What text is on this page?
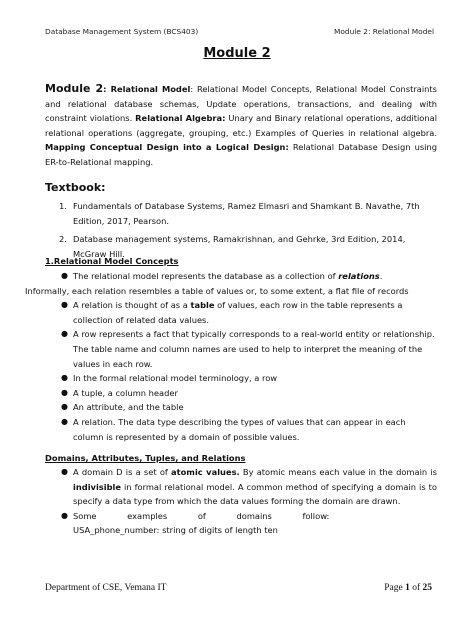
Database Management System (BCS403)	Module 2: Relational Model
Module 2
Module 2: Relational Model: Relational Model Concepts, Relational Model Constraints and relational database schemas, Update operations, transactions, and dealing with constraint violations. Relational Algebra: Unary and Binary relational operations, additional relational operations (aggregate, grouping, etc.) Examples of Queries in relational algebra. Mapping Conceptual Design into a Logical Design: Relational Database Design using ER-to-Relational mapping.
Textbook:
1. Fundamentals of Database Systems, Ramez Elmasri and Shamkant B. Navathe, 7th Edition, 2017, Pearson.
2. Database management systems, Ramakrishnan, and Gehrke, 3rd Edition, 2014, McGraw Hill.
1.Relational Model Concepts
● The relational model represents the database as a collection of relations.
Informally, each relation resembles a table of values or, to some extent, a flat file of records
● A relation is thought of as a table of values, each row in the table represents a collection of related data values.
● A row represents a fact that typically corresponds to a real-world entity or relationship. The table name and column names are used to help to interpret the meaning of the values in each row.
● In the formal relational model terminology, a row
● A tuple, a column header
● An attribute, and the table
● A relation. The data type describing the types of values that can appear in each column is represented by a domain of possible values.
Domains, Attributes, Tuples, and Relations
● A domain D is a set of atomic values. By atomic means each value in the domain is indivisible in formal relational model. A common method of specifying a domain is to specify a data type from which the data values forming the domain are drawn.
● Some examples of domains follow:
USA_phone_number: string of digits of length ten
Department of CSE, Vemana IT	Page 1 of 25
